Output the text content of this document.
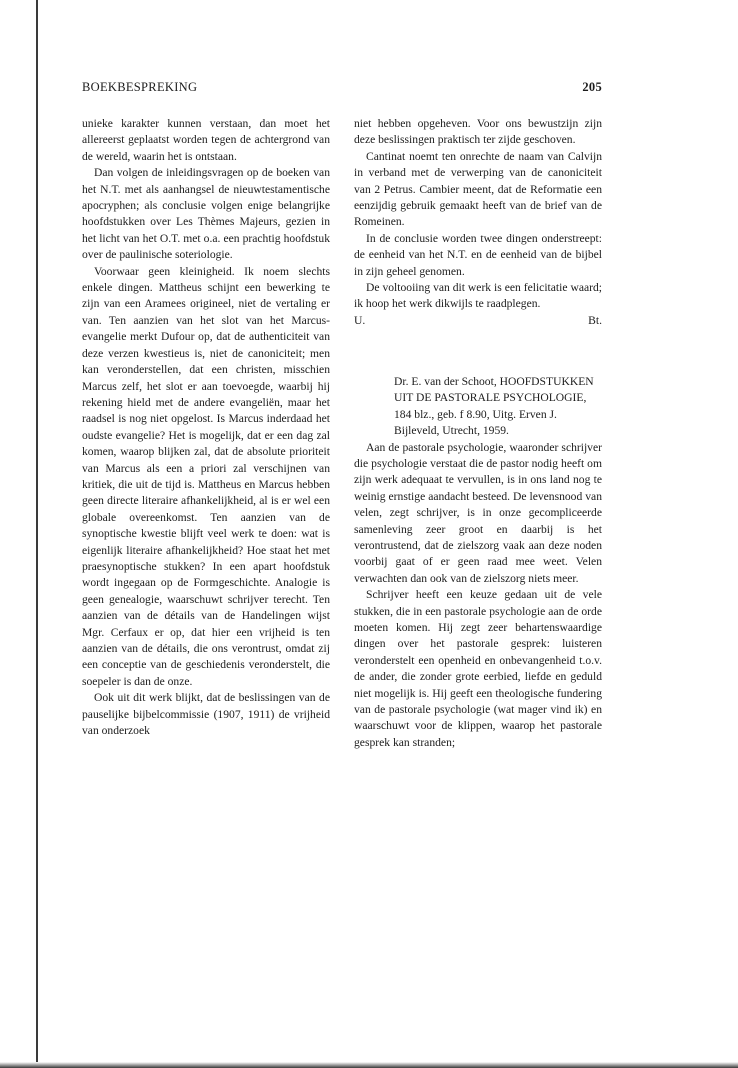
BOEKBESPREKING	205

unieke karakter kunnen verstaan, dan moet het allereerst geplaatst worden tegen de achtergrond van de wereld, waarin het is ontstaan.

Dan volgen de inleidingsvragen op de boeken van het N.T. met als aanhangsel de nieuwtestamentische apocryphen; als conclusie volgen enige belangrijke hoofdstukken over Les Thèmes Majeurs, gezien in het licht van het O.T. met o.a. een prachtig hoofdstuk over de paulinische soteriologie.

Voorwaar geen kleinigheid. Ik noem slechts enkele dingen. Mattheus schijnt een bewerking te zijn van een Aramees origineel, niet de vertaling er van. Ten aanzien van het slot van het Marcus-evangelie merkt Dufour op, dat de authenticiteit van deze verzen kwestieus is, niet de canoniciteit; men kan veronderstellen, dat een christen, misschien Marcus zelf, het slot er aan toevoegde, waarbij hij rekening hield met de andere evangeliën, maar het raadsel is nog niet opgelost. Is Marcus inderdaad het oudste evangelie? Het is mogelijk, dat er een dag zal komen, waarop blijken zal, dat de absolute prioriteit van Marcus als een a priori zal verschijnen van kritiek, die uit de tijd is. Mattheus en Marcus hebben geen directe literaire afhankelijkheid, al is er wel een globale overeenkomst. Ten aanzien van de synoptische kwestie blijft veel werk te doen: wat is eigenlijk literaire afhankelijkheid? Hoe staat het met praesynoptische stukken? In een apart hoofdstuk wordt ingegaan op de Formgeschichte. Analogie is geen genealogie, waarschuwt schrijver terecht. Ten aanzien van de détails van de Handelingen wijst Mgr. Cerfaux er op, dat hier een vrijheid is ten aanzien van de détails, die ons verontrust, omdat zij een conceptie van de geschiedenis veronderstelt, die soepeler is dan de onze.

Ook uit dit werk blijkt, dat de beslissingen van de pauselijke bijbelcommissie (1907, 1911) de vrijheid van onderzoek

niet hebben opgeheven. Voor ons bewustzijn zijn deze beslissingen praktisch ter zijde geschoven.

Cantinat noemt ten onrechte de naam van Calvijn in verband met de verwerping van de canoniciteit van 2 Petrus. Cambier meent, dat de Reformatie een eenzijdig gebruik gemaakt heeft van de brief van de Romeinen.

In de conclusie worden twee dingen onderstreept: de eenheid van het N.T. en de eenheid van de bijbel in zijn geheel genomen.

De voltooiing van dit werk is een felicitatie waard; ik hoop het werk dikwijls te raadplegen.

U.	Bt.
Dr. E. van der Schoot, HOOFDSTUKKEN UIT DE PASTORALE PSYCHOLOGIE, 184 blz., geb. f 8.90, Uitg. Erven J. Bijleveld, Utrecht, 1959.

Aan de pastorale psychologie, waaronder schrijver die psychologie verstaat die de pastor nodig heeft om zijn werk adequaat te vervullen, is in ons land nog te weinig ernstige aandacht besteed. De levensnood van velen, zegt schrijver, is in onze gecompliceerde samenleving zeer groot en daarbij is het verontrustend, dat de zielszorg vaak aan deze noden voorbij gaat of er geen raad mee weet. Velen verwachten dan ook van de zielszorg niets meer.

Schrijver heeft een keuze gedaan uit de vele stukken, die in een pastorale psychologie aan de orde moeten komen. Hij zegt zeer behartenswaardige dingen over het pastorale gesprek: luisteren veronderstelt een openheid en onbevangenheid t.o.v. de ander, die zonder grote eerbied, liefde en geduld niet mogelijk is. Hij geeft een theologische fundering van de pastorale psychologie (wat mager vind ik) en waarschuwt voor de klippen, waarop het pastorale gesprek kan stranden;
